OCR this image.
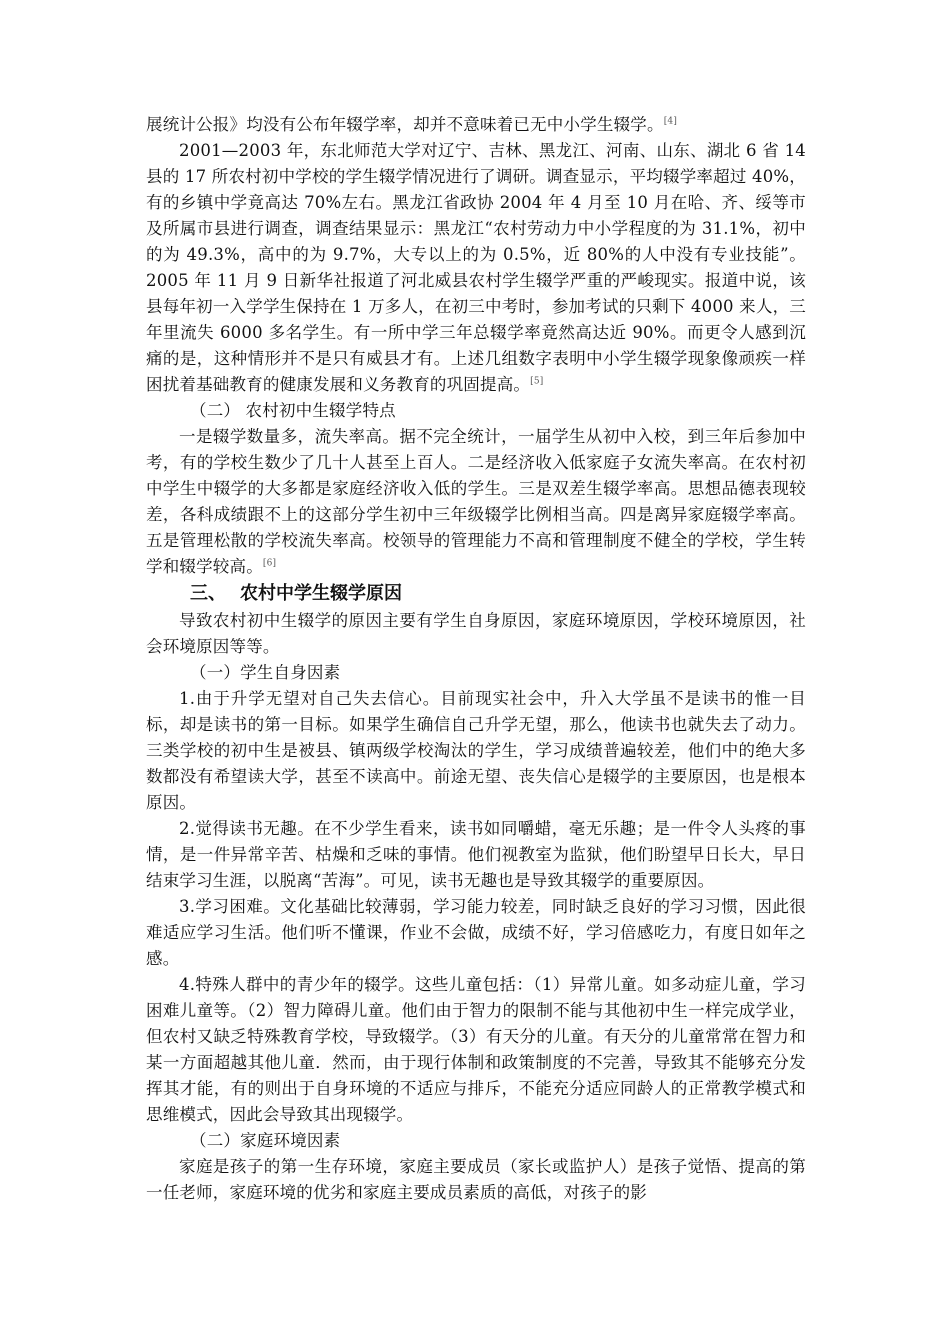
展统计公报》均没有公布年辍学率，却并不意味着已无中小学生辍学。[4]

2001—2003 年，东北师范大学对辽宁、吉林、黑龙江、河南、山东、湖北 6 省 14 县的 17 所农村初中学校的学生辍学情况进行了调研。调查显示，平均辍学率超过 40%，有的乡镇中学竟高达 70%左右。黑龙江省政协 2004 年 4 月至 10 月在哈、齐、绥等市及所属市县进行调查，调查结果显示：黑龙江“农村劳动力中小学程度的为 31.1%，初中的为 49.3%，高中的为 9.7%，大专以上的为 0.5%，近 80%的人中没有专业技能”。2005 年 11 月 9 日新华社报道了河北威县农村学生辍学严重的严峻现实。报道中说，该县每年初一入学学生保持在 1 万多人，在初三中考时，参加考试的只剩下 4000 来人，三年里流失 6000 多名学生。有一所中学三年总辍学率竟然高达近 90%。而更令人感到沉痛的是，这种情形并不是只有威县才有。上述几组数字表明中小学生辍学现象像顽疾一样困扰着基础教育的健康发展和义务教育的巩固提高。[5]

（二） 农村初中生辍学特点

一是辍学数量多，流失率高。据不完全统计，一届学生从初中入校，到三年后参加中考，有的学校生数少了几十人甚至上百人。二是经济收入低家庭子女流失率高。在农村初中学生中辍学的大多都是家庭经济收入低的学生。三是双差生辍学率高。思想品德表现较差，各科成绩跟不上的这部分学生初中三年级辍学比例相当高。四是离异家庭辍学率高。五是管理松散的学校流失率高。校领导的管理能力不高和管理制度不健全的学校，学生转学和辍学较高。[6]

三、 农村中学生辍学原因

导致农村初中生辍学的原因主要有学生自身原因，家庭环境原因，学校环境原因，社会环境原因等等。

（一）学生自身因素

1.由于升学无望对自己失去信心。目前现实社会中，升入大学虽不是读书的惟一目标，却是读书的第一目标。如果学生确信自己升学无望，那么，他读书也就失去了动力。三类学校的初中生是被县、镇两级学校淘汰的学生，学习成绩普遍较差，他们中的绝大多数都没有希望读大学，甚至不读高中。前途无望、丧失信心是辍学的主要原因，也是根本原因。

2.觉得读书无趣。在不少学生看来，读书如同嚼蜡，毫无乐趣；是一件令人头疼的事情，是一件异常辛苦、枯燥和乏味的事情。他们视教室为监狱，他们盼望早日长大，早日结束学习生涯，以脱离“苦海”。可见，读书无趣也是导致其辍学的重要原因。

3.学习困难。文化基础比较薄弱，学习能力较差，同时缺乏良好的学习习惯，因此很难适应学习生活。他们听不懂课，作业不会做，成绩不好，学习倍感吃力，有度日如年之感。

4.特殊人群中的青少年的辍学。这些儿童包括：（1）异常儿童。如多动症儿童，学习困难儿童等。（2）智力障碍儿童。他们由于智力的限制不能与其他初中生一样完成学业，但农村又缺乏特殊教育学校，导致辍学。（3）有天分的儿童。有天分的儿童常常在智力和某一方面超越其他儿童．然而，由于现行体制和政策制度的不完善，导致其不能够充分发挥其才能，有的则出于自身环境的不适应与排斥，不能充分适应同龄人的正常教学模式和思维模式，因此会导致其出现辍学。

（二）家庭环境因素

家庭是孩子的第一生存环境，家庭主要成员（家长或监护人）是孩子觉悟、提高的第一任老师，家庭环境的优劣和家庭主要成员素质的高低，对孩子的影
